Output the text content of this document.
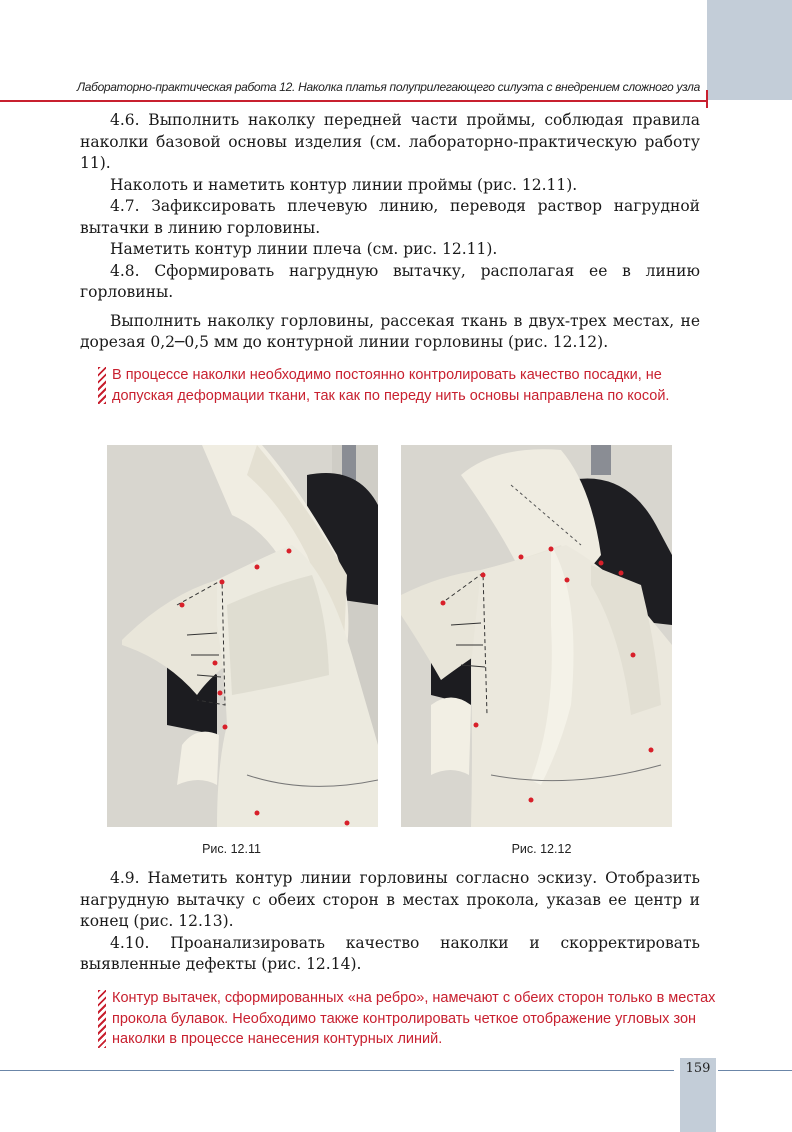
Лабораторно-практическая работа 12. Наколка платья полуприлегающего силуэта с внедрением сложного узла

4.6. Выполнить наколку передней части проймы, соблюдая правила наколки базовой основы изделия (см. лабораторно-практическую работу 11).

Наколоть и наметить контур линии проймы (рис. 12.11).

4.7. Зафиксировать плечевую линию, переводя раствор нагрудной вытачки в линию горловины.

Наметить контур линии плеча (см. рис. 12.11).

4.8. Сформировать нагрудную вытачку, располагая ее в линию горловины.

Выполнить наколку горловины, рассекая ткань в двух-трех местах, не дорезая 0,2─0,5 мм до контурной линии горловины (рис. 12.12).

В процессе наколки необходимо постоянно контролировать качество посадки, не допуская деформации ткани, так как по переду нить основы направлена по косой.
Рис. 12.11	Рис. 12.12

4.9. Наметить контур линии горловины согласно эскизу. Отобразить нагрудную вытачку с обеих сторон в местах прокола, указав ее центр и конец (рис. 12.13).

4.10. Проанализировать качество наколки и скорректировать выявленные дефекты (рис. 12.14).

Контур вытачек, сформированных «на ребро», намечают с обеих сторон только в местах прокола булавок. Необходимо также контролировать четкое отображение угловых зон наколки в процессе нанесения контурных линий.
159
